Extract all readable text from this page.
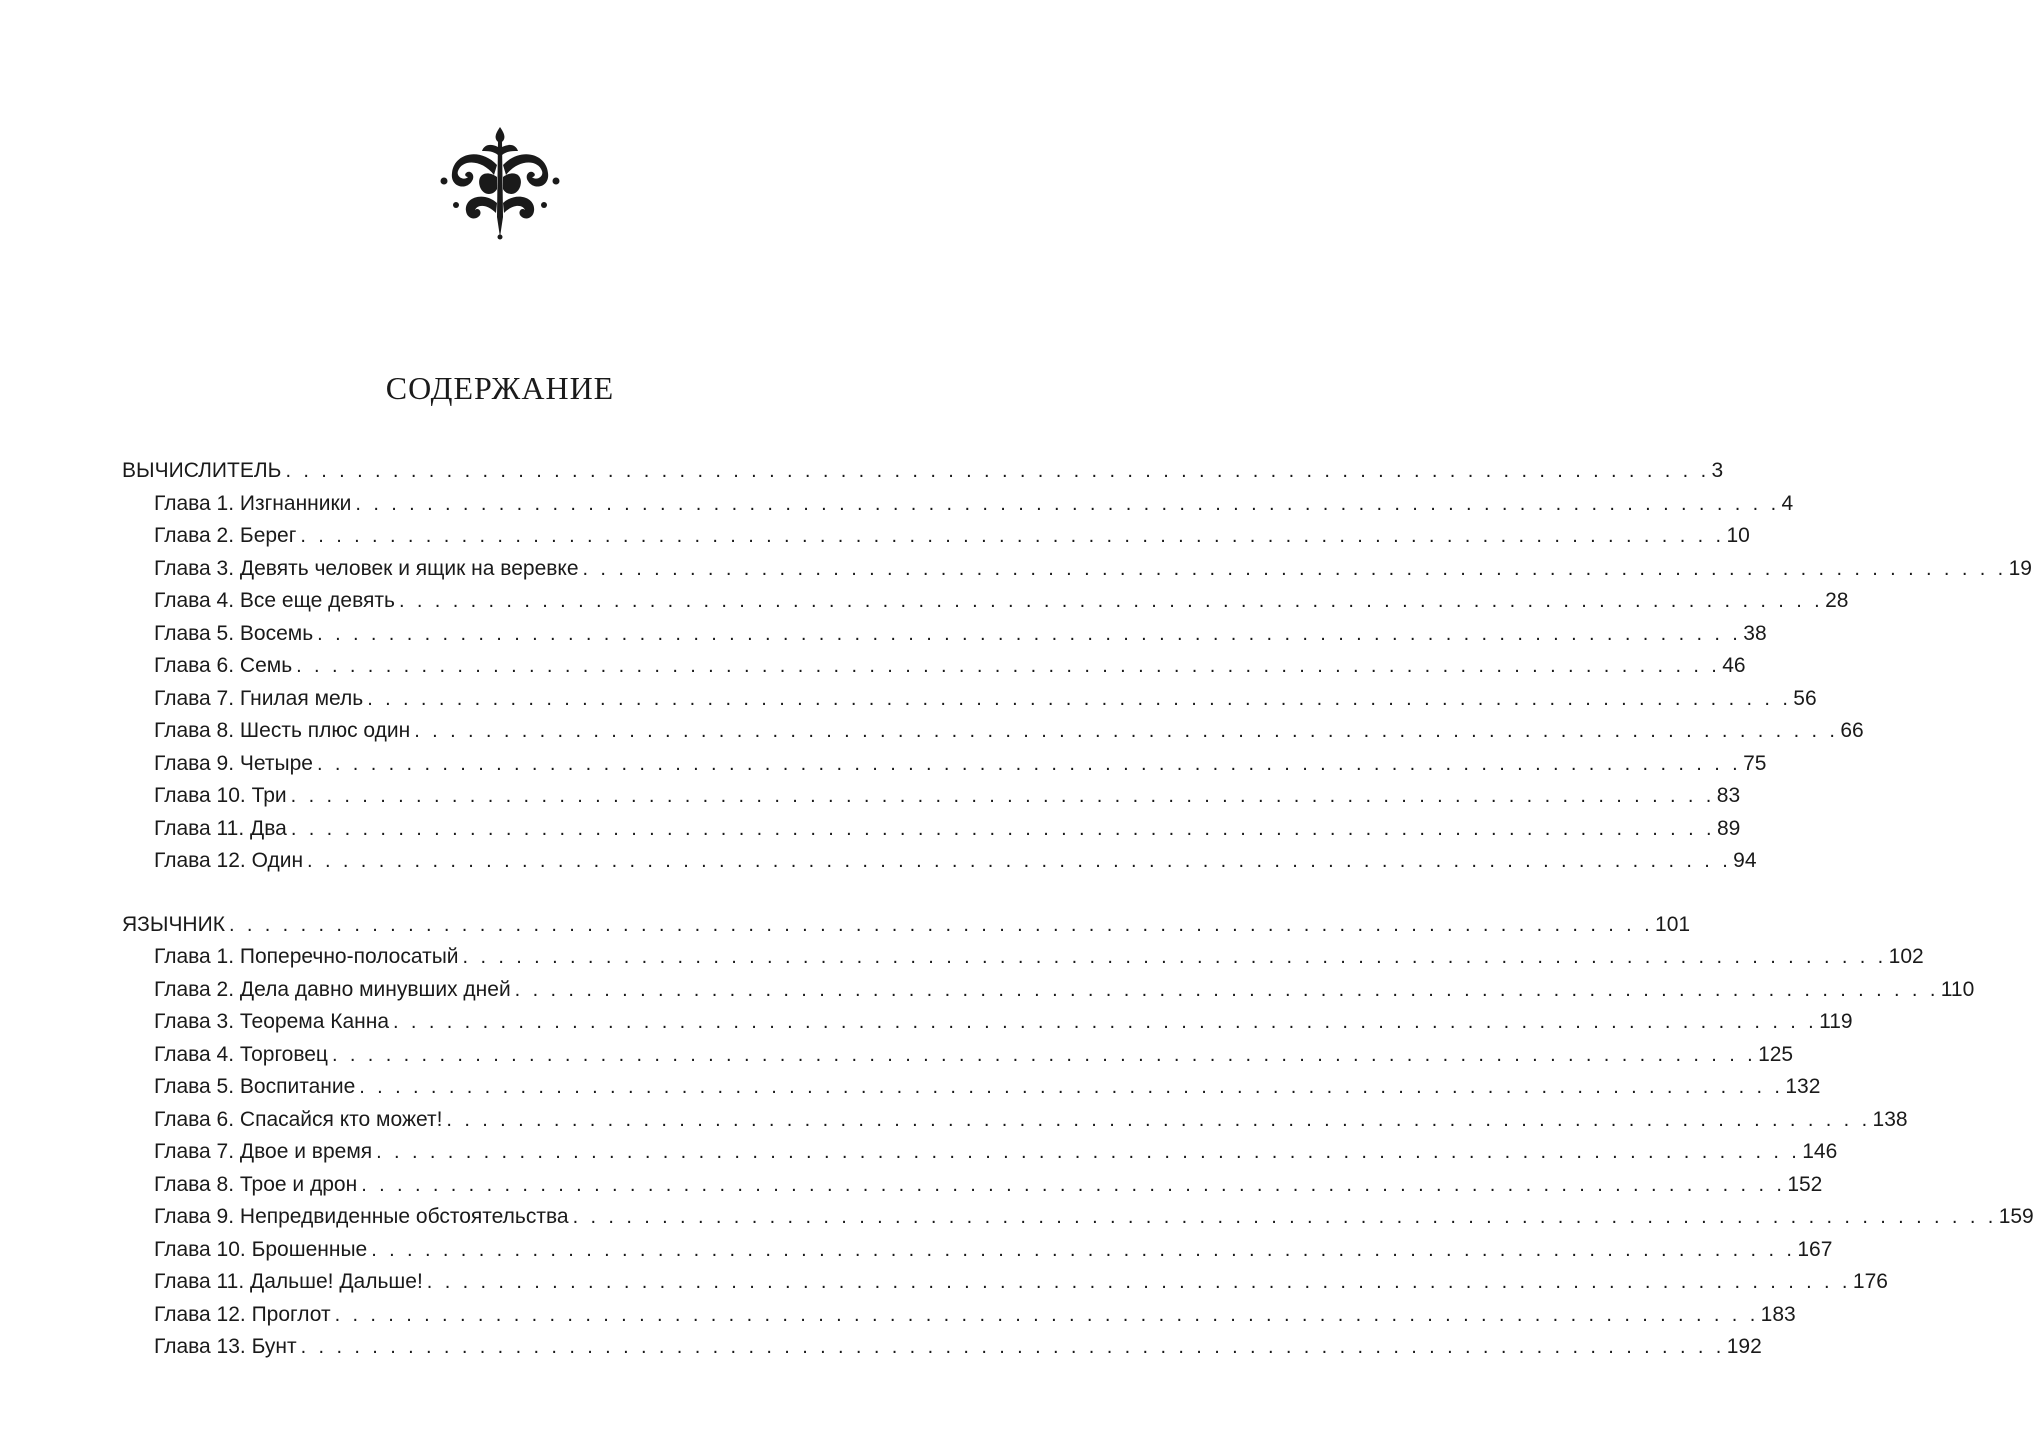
СОДЕРЖАНИЕ
ВЫЧИСЛИТЕЛЬ . . . . . . . . . . . . . . . . . . . . . . . . . . . . . . . . . . . . . . . . . . . . . . . . . . . . . . . . . . . . . . . . . . . . . . . . . . . . . . . . 3
Глава 1. Изгнанники . . . . . . . . . . . . . . . . . . . . . . . . . . . . . . . . . . . . . . . . . . . . . . . . . . . . . . . . . . . . . . . . . . . . . . . . . . . . . . . . 4
Глава 2. Берег . . . . . . . . . . . . . . . . . . . . . . . . . . . . . . . . . . . . . . . . . . . . . . . . . . . . . . . . . . . . . . . . . . . . . . . . . . . . . . . . 10
Глава 3. Девять человек и ящик на веревке . . . . . . . . . . . . . . . . . . . . . . . . . . . . . . . . . . . . . . . . . . . . . . . . . . . . . . . . . . . . . . . . . . . . . . . . . . . . . . . . 19
Глава 4. Все еще девять . . . . . . . . . . . . . . . . . . . . . . . . . . . . . . . . . . . . . . . . . . . . . . . . . . . . . . . . . . . . . . . . . . . . . . . . . . . . . . . . 28
Глава 5. Восемь . . . . . . . . . . . . . . . . . . . . . . . . . . . . . . . . . . . . . . . . . . . . . . . . . . . . . . . . . . . . . . . . . . . . . . . . . . . . . . . . 38
Глава 6. Семь . . . . . . . . . . . . . . . . . . . . . . . . . . . . . . . . . . . . . . . . . . . . . . . . . . . . . . . . . . . . . . . . . . . . . . . . . . . . . . . . 46
Глава 7. Гнилая мель . . . . . . . . . . . . . . . . . . . . . . . . . . . . . . . . . . . . . . . . . . . . . . . . . . . . . . . . . . . . . . . . . . . . . . . . . . . . . . . . 56
Глава 8. Шесть плюс один . . . . . . . . . . . . . . . . . . . . . . . . . . . . . . . . . . . . . . . . . . . . . . . . . . . . . . . . . . . . . . . . . . . . . . . . . . . . . . . . 66
Глава 9. Четыре . . . . . . . . . . . . . . . . . . . . . . . . . . . . . . . . . . . . . . . . . . . . . . . . . . . . . . . . . . . . . . . . . . . . . . . . . . . . . . . . 75
Глава 10. Три . . . . . . . . . . . . . . . . . . . . . . . . . . . . . . . . . . . . . . . . . . . . . . . . . . . . . . . . . . . . . . . . . . . . . . . . . . . . . . . . 83
Глава 11. Два . . . . . . . . . . . . . . . . . . . . . . . . . . . . . . . . . . . . . . . . . . . . . . . . . . . . . . . . . . . . . . . . . . . . . . . . . . . . . . . . 89
Глава 12. Один . . . . . . . . . . . . . . . . . . . . . . . . . . . . . . . . . . . . . . . . . . . . . . . . . . . . . . . . . . . . . . . . . . . . . . . . . . . . . . . . 94
ЯЗЫЧНИК . . . . . . . . . . . . . . . . . . . . . . . . . . . . . . . . . . . . . . . . . . . . . . . . . . . . . . . . . . . . . . . . . . . . . . . . . . . . . . . . 101
Глава 1. Поперечно-полосатый . . . . . . . . . . . . . . . . . . . . . . . . . . . . . . . . . . . . . . . . . . . . . . . . . . . . . . . . . . . . . . . . . . . . . . . . . . . . . . . . 102
Глава 2. Дела давно минувших дней . . . . . . . . . . . . . . . . . . . . . . . . . . . . . . . . . . . . . . . . . . . . . . . . . . . . . . . . . . . . . . . . . . . . . . . . . . . . . . . . 110
Глава 3. Теорема Канна . . . . . . . . . . . . . . . . . . . . . . . . . . . . . . . . . . . . . . . . . . . . . . . . . . . . . . . . . . . . . . . . . . . . . . . . . . . . . . . . 119
Глава 4. Торговец . . . . . . . . . . . . . . . . . . . . . . . . . . . . . . . . . . . . . . . . . . . . . . . . . . . . . . . . . . . . . . . . . . . . . . . . . . . . . . . . 125
Глава 5. Воспитание . . . . . . . . . . . . . . . . . . . . . . . . . . . . . . . . . . . . . . . . . . . . . . . . . . . . . . . . . . . . . . . . . . . . . . . . . . . . . . . . 132
Глава 6. Спасайся кто может! . . . . . . . . . . . . . . . . . . . . . . . . . . . . . . . . . . . . . . . . . . . . . . . . . . . . . . . . . . . . . . . . . . . . . . . . . . . . . . . . 138
Глава 7. Двое и время . . . . . . . . . . . . . . . . . . . . . . . . . . . . . . . . . . . . . . . . . . . . . . . . . . . . . . . . . . . . . . . . . . . . . . . . . . . . . . . . 146
Глава 8. Трое и дрон . . . . . . . . . . . . . . . . . . . . . . . . . . . . . . . . . . . . . . . . . . . . . . . . . . . . . . . . . . . . . . . . . . . . . . . . . . . . . . . . 152
Глава 9. Непредвиденные обстоятельства . . . . . . . . . . . . . . . . . . . . . . . . . . . . . . . . . . . . . . . . . . . . . . . . . . . . . . . . . . . . . . . . . . . . . . . . . . . . . . . . 159
Глава 10. Брошенные . . . . . . . . . . . . . . . . . . . . . . . . . . . . . . . . . . . . . . . . . . . . . . . . . . . . . . . . . . . . . . . . . . . . . . . . . . . . . . . . 167
Глава 11. Дальше! Дальше! . . . . . . . . . . . . . . . . . . . . . . . . . . . . . . . . . . . . . . . . . . . . . . . . . . . . . . . . . . . . . . . . . . . . . . . . . . . . . . . . 176
Глава 12. Проглот . . . . . . . . . . . . . . . . . . . . . . . . . . . . . . . . . . . . . . . . . . . . . . . . . . . . . . . . . . . . . . . . . . . . . . . . . . . . . . . . 183
Глава 13. Бунт . . . . . . . . . . . . . . . . . . . . . . . . . . . . . . . . . . . . . . . . . . . . . . . . . . . . . . . . . . . . . . . . . . . . . . . . . . . . . . . . 192
